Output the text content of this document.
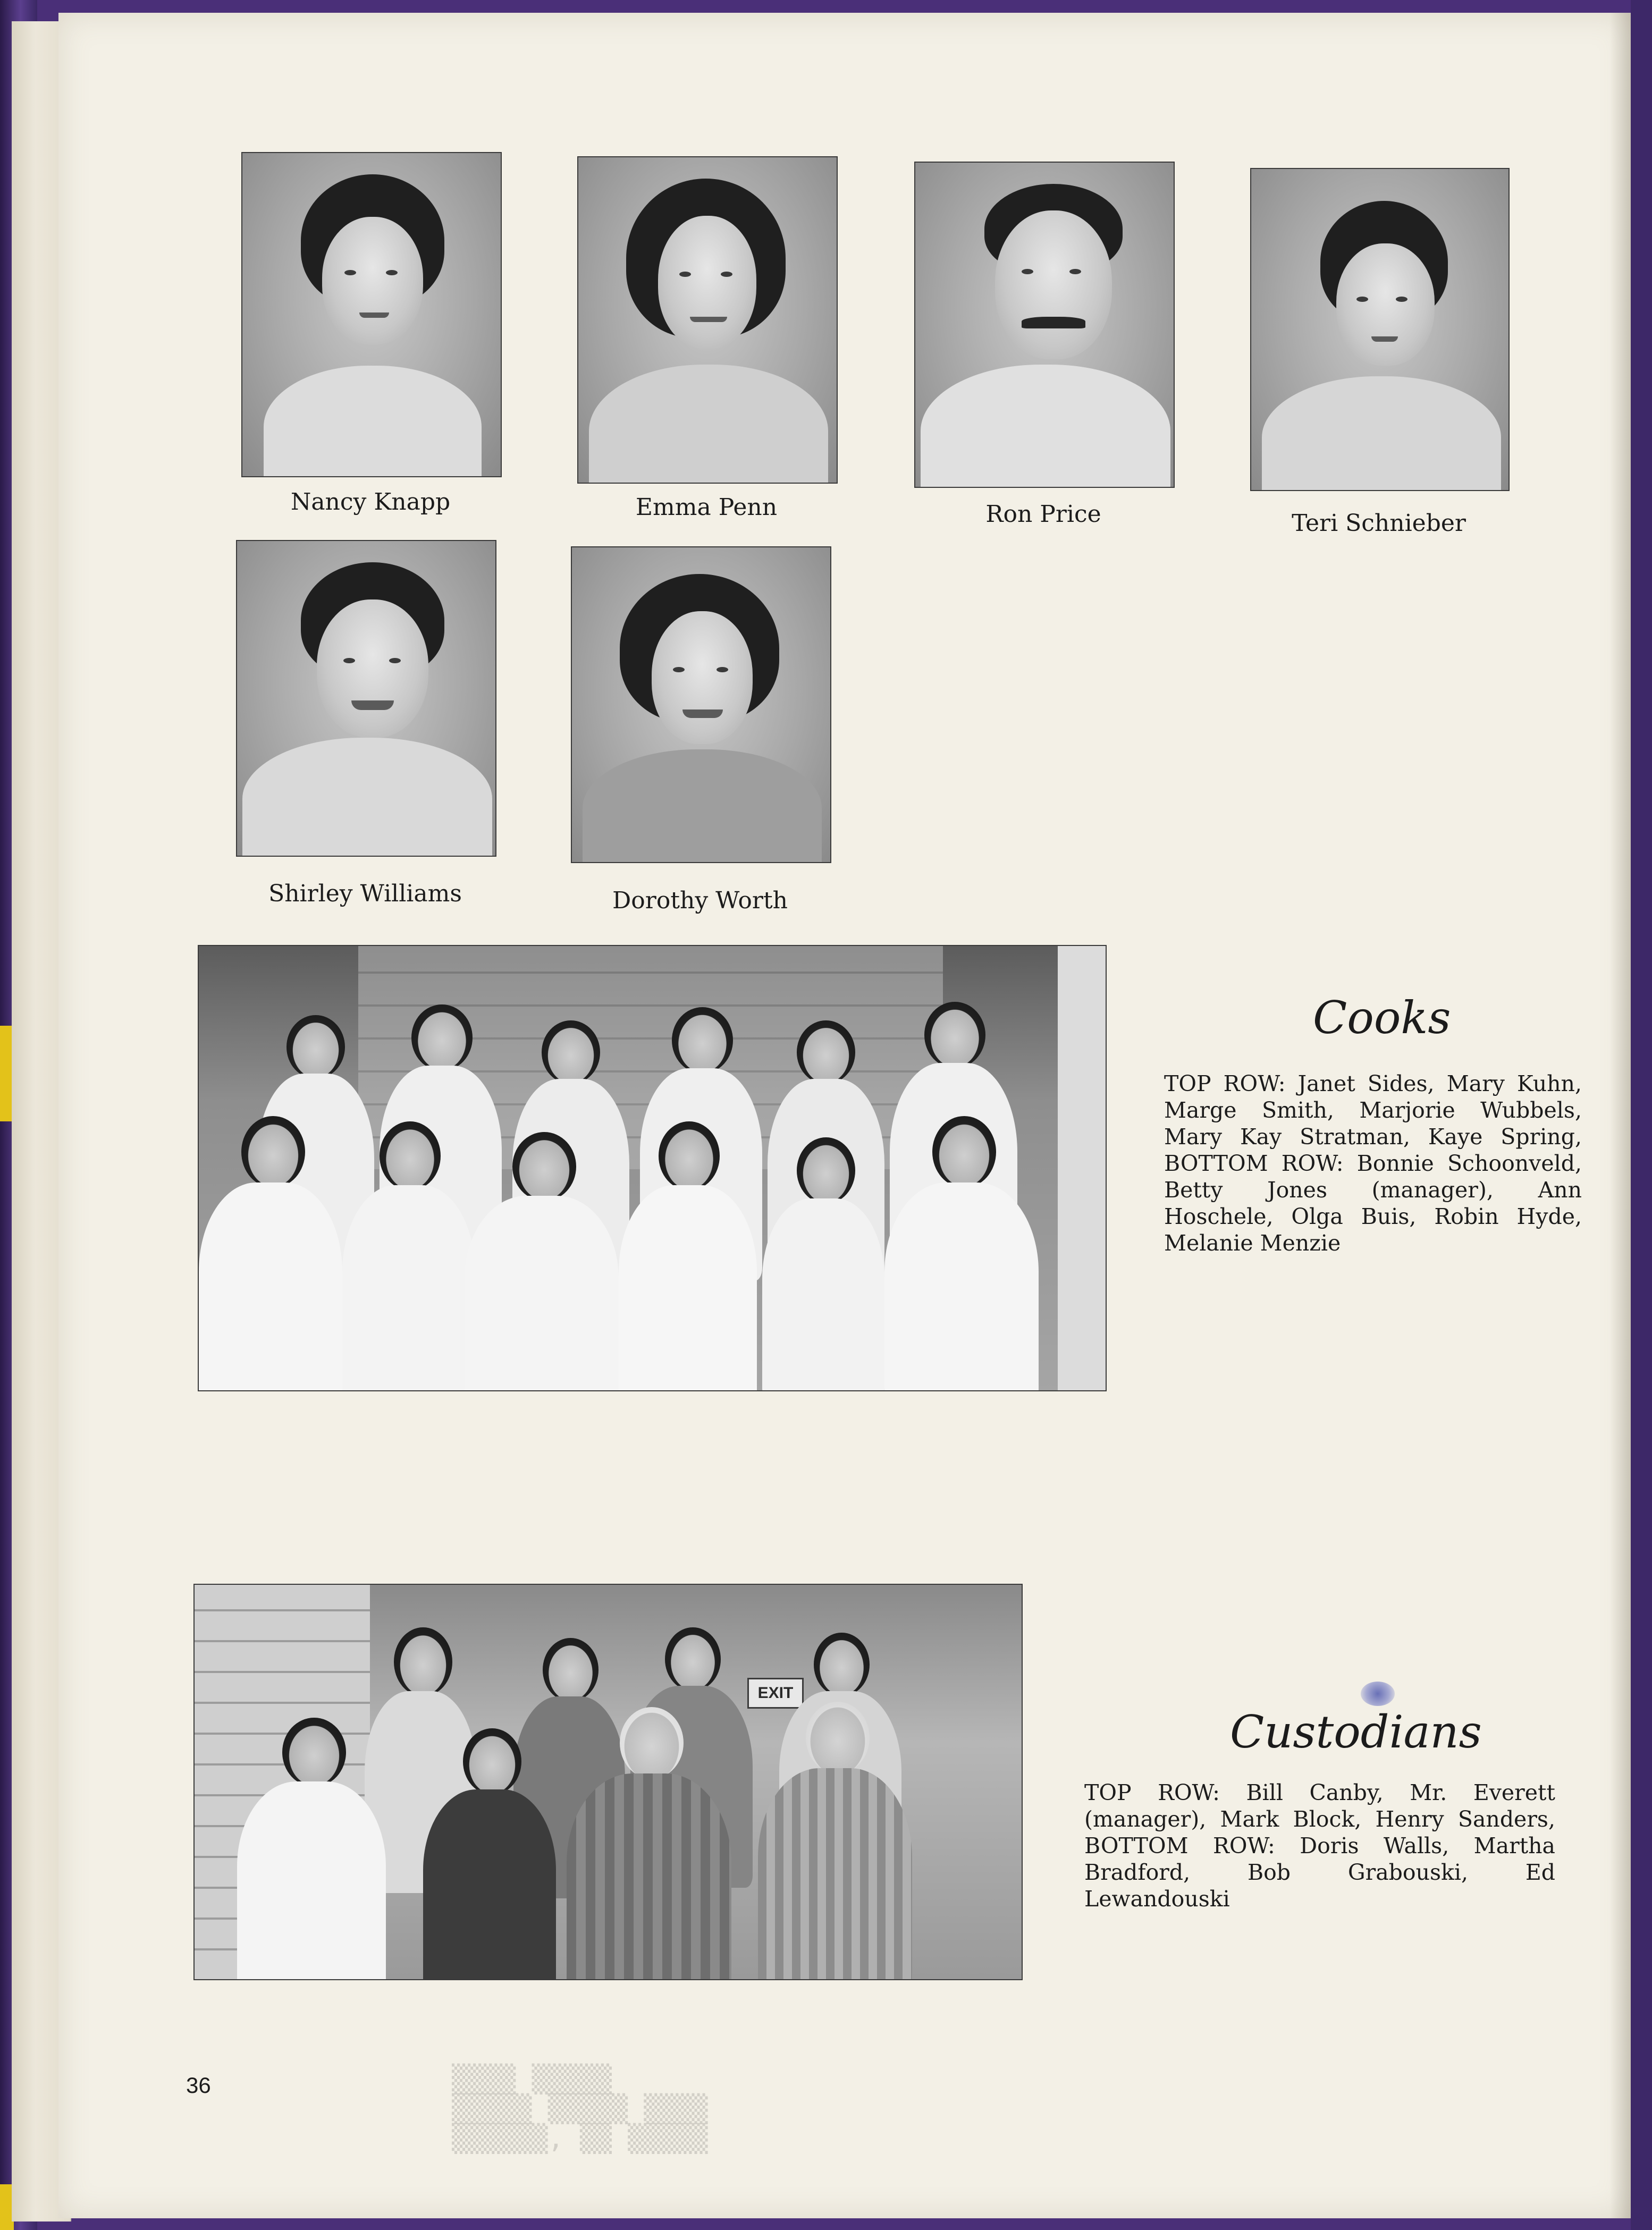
▒▒▒▒ ▒▒▒▒▒
▒▒▒▒▒ ▒▒▒▒▒ ▒▒▒▒
▒▒▒▒▒▒, ▒▒ ▒▒▒▒▒
Nancy Knapp	Emma Penn	Ron Price	Teri Schnieber
Shirley Williams	Dorothy Worth
Cooks

TOP ROW: Janet Sides, Mary Kuhn, Marge Smith, Marjorie Wubbels, Mary Kay Stratman, Kaye Spring, BOTTOM ROW: Bonnie Schoonveld, Betty Jones (manager), Ann Hoschele, Olga Buis, Robin Hyde, Melanie Menzie

EXIT
Custodians

TOP ROW: Bill Canby, Mr. Everett (manager), Mark Block, Henry Sanders, BOTTOM ROW: Doris Walls, Martha Bradford, Bob Grabouski, Ed Lewandouski

36
